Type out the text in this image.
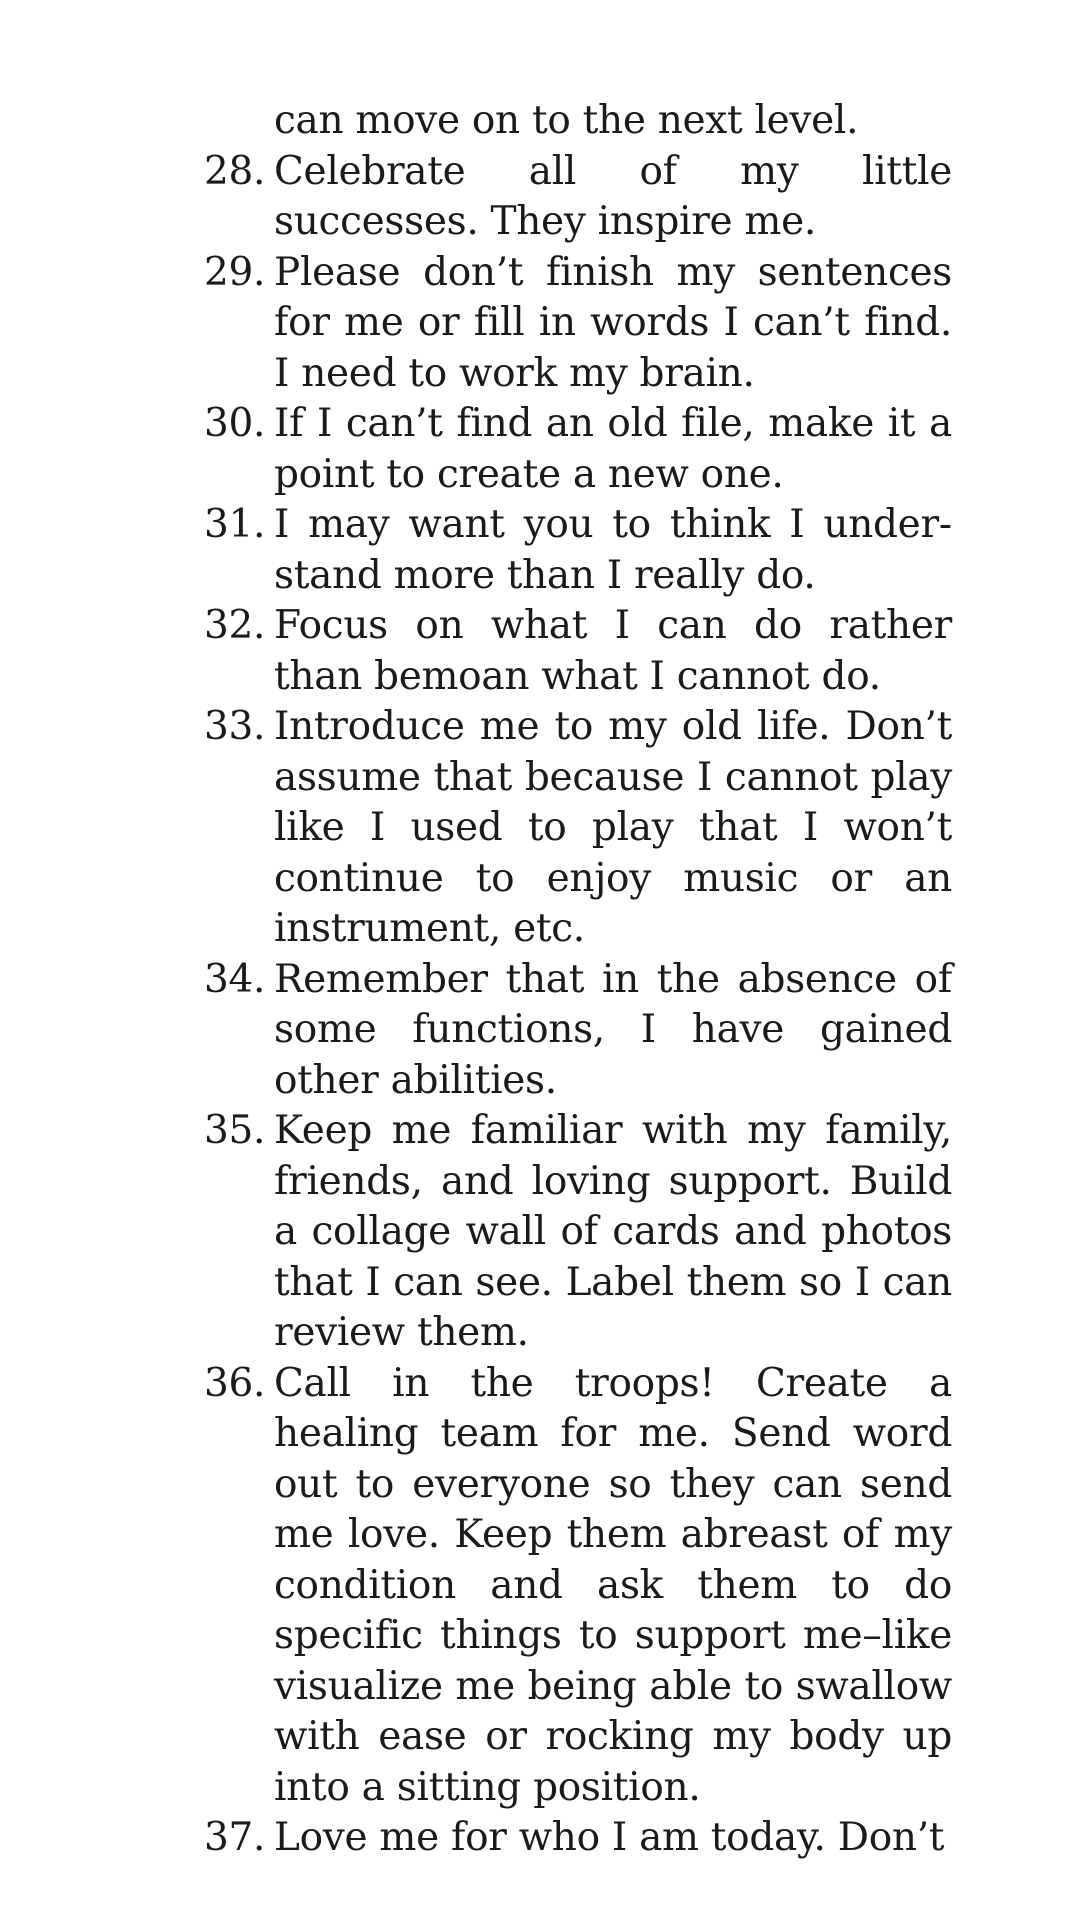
can move on to the next level.
28. Celebrate all of my little successes. They inspire me.
29. Please don’t finish my sentences for me or fill in words I can’t find. I need to work my brain.
30. If I can’t find an old file, make it a point to create a new one.
31. I may want you to think I understand more than I really do.
32. Focus on what I can do rather than bemoan what I cannot do.
33. Introduce me to my old life. Don’t assume that because I cannot play like I used to play that I won’t continue to enjoy music or an instrument, etc.
34. Remember that in the absence of some functions, I have gained other abilities.
35. Keep me familiar with my family, friends, and loving support. Build a collage wall of cards and photos that I can see. Label them so I can review them.
36. Call in the troops! Create a healing team for me. Send word out to everyone so they can send me love. Keep them abreast of my condition and ask them to do specific things to support me–like visualize me being able to swallow with ease or rocking my body up into a sitting position.
37. Love me for who I am today. Don’t
